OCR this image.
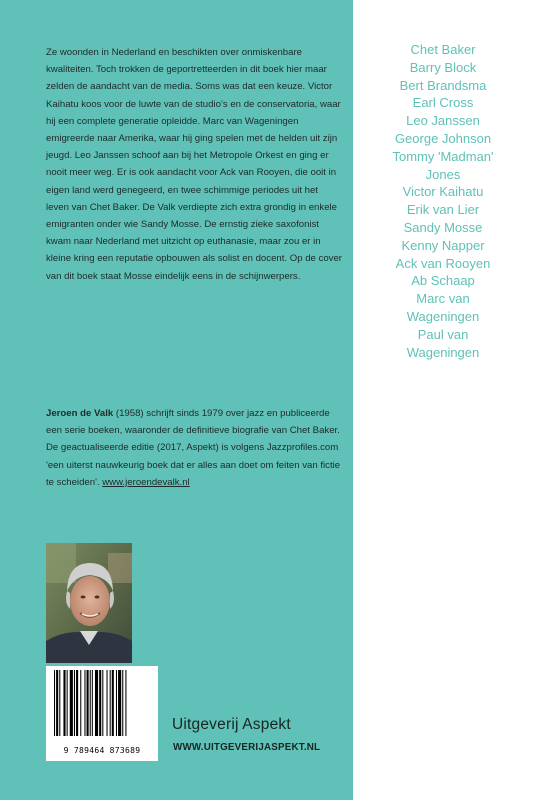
Ze woonden in Nederland en beschikten over onmiskenbare kwaliteiten. Toch trokken de geportretteerden in dit boek hier maar zelden de aandacht van de media. Soms was dat een keuze. Victor Kaihatu koos voor de luwte van de studio’s en de conservatoria, waar hij een complete generatie opleidde. Marc van Wageningen emigreerde naar Amerika, waar hij ging spelen met de helden uit zijn jeugd. Leo Janssen schoof aan bij het Metropole Orkest en ging er nooit meer weg. Er is ook aandacht voor Ack van Rooyen, die ooit in eigen land werd genegeerd, en twee schimmige periodes uit het leven van Chet Baker. De Valk verdiepte zich extra grondig in enkele emigranten onder wie Sandy Mosse. De ernstig zieke saxofonist kwam naar Nederland met uitzicht op euthanasie, maar zou er in kleine kring een reputatie opbouwen als solist en docent. Op de cover van dit boek staat Mosse eindelijk eens in de schijnwerpers.

Jeroen de Valk (1958) schrijft sinds 1979 over jazz en publiceerde een serie boeken, waaronder de definitieve biografie van Chet Baker. De geactualiseerde editie (2017, Aspekt) is volgens Jazzprofiles.com 'een uiterst nauwkeurig boek dat er alles aan doet om feiten van fictie te scheiden'. www.jeroendevalk.nl
9 789464 873689
Uitgeverij Aspekt
WWW.UITGEVERIJASPEKT.NL
Chet Baker
Barry Block
Bert Brandsma
Earl Cross
Leo Janssen
George Johnson
Tommy 'Madman'
Jones
Victor Kaihatu
Erik van Lier
Sandy Mosse
Kenny Napper
Ack van Rooyen
Ab Schaap
Marc van
Wageningen
Paul van
Wageningen
